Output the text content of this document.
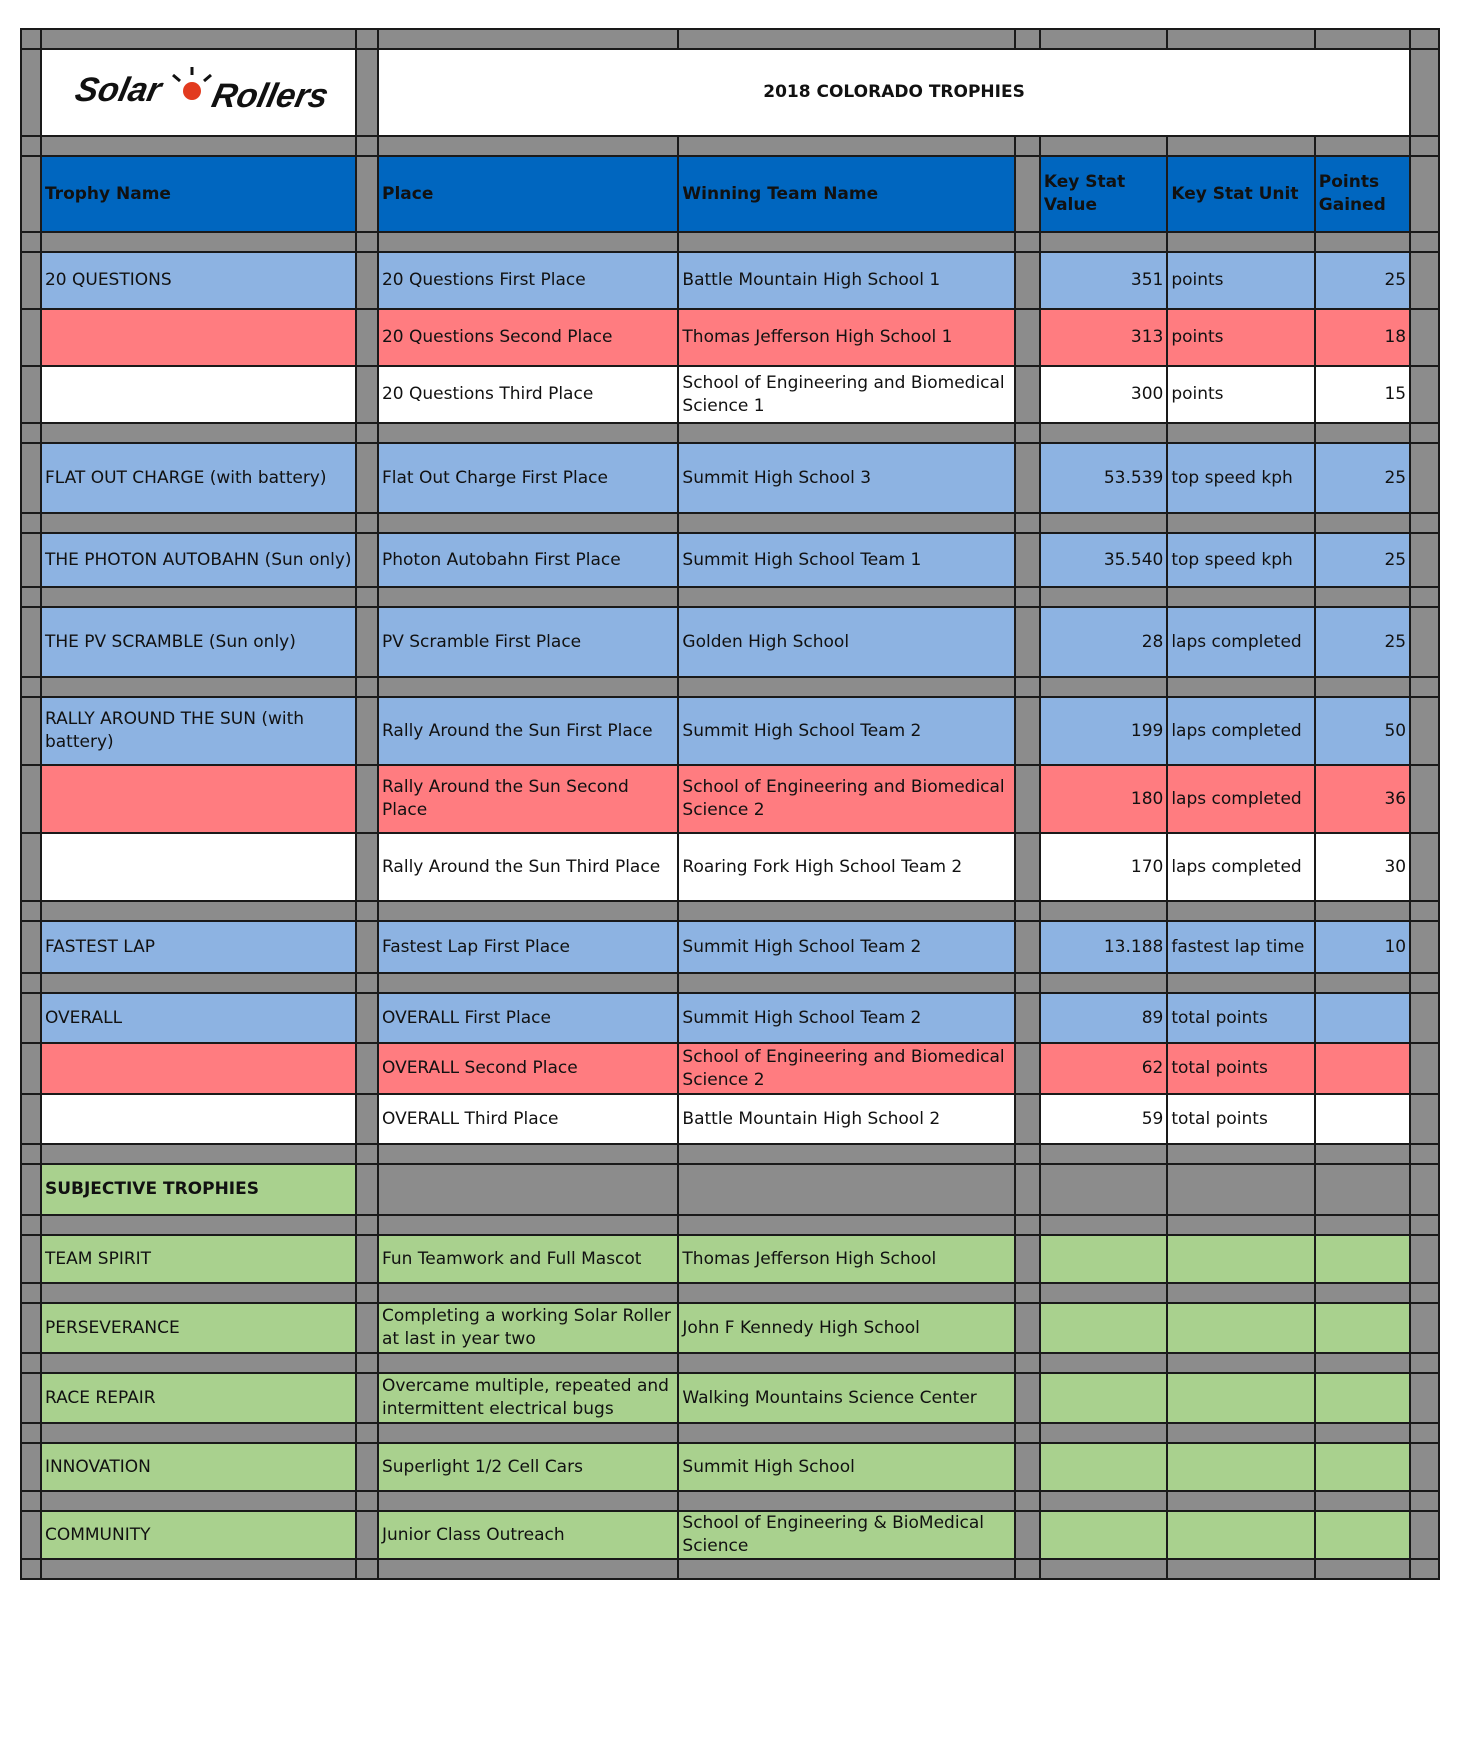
Solar Rollers		2018 COLORADO TROPHIES						

	Trophy Name		Place	Winning Team Name		Key Stat Value	Key Stat Unit	Points Gained	

	20 QUESTIONS		20 Questions First Place	Battle Mountain High School 1		351	points	25	
			20 Questions Second Place	Thomas Jefferson High School 1		313	points	18	
			20 Questions Third Place	School of Engineering and Biomedical Science 1		300	points	15	

	FLAT OUT CHARGE (with battery)		Flat Out Charge First Place	Summit High School 3		53.539	top speed kph	25	

	THE PHOTON AUTOBAHN (Sun only)		Photon Autobahn First Place	Summit High School Team 1		35.540	top speed kph	25	

	THE PV SCRAMBLE (Sun only)		PV Scramble First Place	Golden High School		28	laps completed	25	

	RALLY AROUND THE SUN (with battery)		Rally Around the Sun First Place	Summit High School Team 2		199	laps completed	50	
			Rally Around the Sun Second Place	School of Engineering and Biomedical Science 2		180	laps completed	36	
			Rally Around the Sun Third Place	Roaring Fork High School Team 2		170	laps completed	30	

	FASTEST LAP		Fastest Lap First Place	Summit High School Team 2		13.188	fastest lap time	10	

	OVERALL		OVERALL First Place	Summit High School Team 2		89	total points		
			OVERALL Second Place	School of Engineering and Biomedical Science 2		62	total points		
			OVERALL Third Place	Battle Mountain High School 2		59	total points		

	SUBJECTIVE TROPHIES								

	TEAM SPIRIT		Fun Teamwork and Full Mascot	Thomas Jefferson High School					

	PERSEVERANCE		Completing a working Solar Roller at last in year two	John F Kennedy High School					

	RACE REPAIR		Overcame multiple, repeated and intermittent electrical bugs	Walking Mountains Science Center					

	INNOVATION		Superlight 1/2 Cell Cars	Summit High School					

	COMMUNITY		Junior Class Outreach	School of Engineering & BioMedical Science					
